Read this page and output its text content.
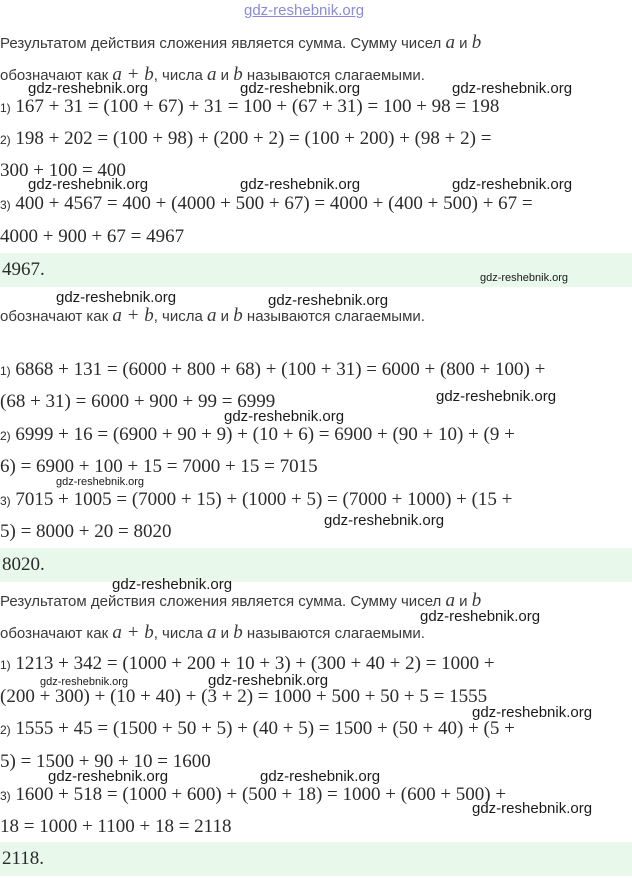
gdz-reshebnik.org
Результатом действия сложения является сумма. Сумму чисел a и b
обозначают как a + b, числа a и b называются слагаемыми.
1) 167 + 31 = (100 + 67) + 31 = 100 + (67 + 31) = 100 + 98 = 198
2) 198 + 202 = (100 + 98) + (200 + 2) = (100 + 200) + (98 + 2) =
300 + 100 = 400
3) 400 + 4567 = 400 + (4000 + 500 + 67) = 4000 + (400 + 500) + 67 =
4000 + 900 + 67 = 4967
4967.
обозначают как a + b, числа a и b называются слагаемыми.
1) 6868 + 131 = (6000 + 800 + 68) + (100 + 31) = 6000 + (800 + 100) +
(68 + 31) = 6000 + 900 + 99 = 6999
2) 6999 + 16 = (6900 + 90 + 9) + (10 + 6) = 6900 + (90 + 10) + (9 +
6) = 6900 + 100 + 15 = 7000 + 15 = 7015
3) 7015 + 1005 = (7000 + 15) + (1000 + 5) = (7000 + 1000) + (15 +
5) = 8000 + 20 = 8020
8020.
Результатом действия сложения является сумма. Сумму чисел a и b
обозначают как a + b, числа a и b называются слагаемыми.
1) 1213 + 342 = (1000 + 200 + 10 + 3) + (300 + 40 + 2) = 1000 +
(200 + 300) + (10 + 40) + (3 + 2) = 1000 + 500 + 50 + 5 = 1555
2) 1555 + 45 = (1500 + 50 + 5) + (40 + 5) = 1500 + (50 + 40) + (5 +
5) = 1500 + 90 + 10 = 1600
3) 1600 + 518 = (1000 + 600) + (500 + 18) = 1000 + (600 + 500) +
18 = 1000 + 1100 + 18 = 2118
2118.
gdz-reshebnik.org	gdz-reshebnik.org	gdz-reshebnik.org
gdz-reshebnik.org	gdz-reshebnik.org	gdz-reshebnik.org
gdz-reshebnik.org
gdz-reshebnik.org	gdz-reshebnik.org
gdz-reshebnik.org
gdz-reshebnik.org
gdz-reshebnik.org
gdz-reshebnik.org
gdz-reshebnik.org
gdz-reshebnik.org
gdz-reshebnik.org	gdz-reshebnik.org
gdz-reshebnik.org
gdz-reshebnik.org	gdz-reshebnik.org
gdz-reshebnik.org
